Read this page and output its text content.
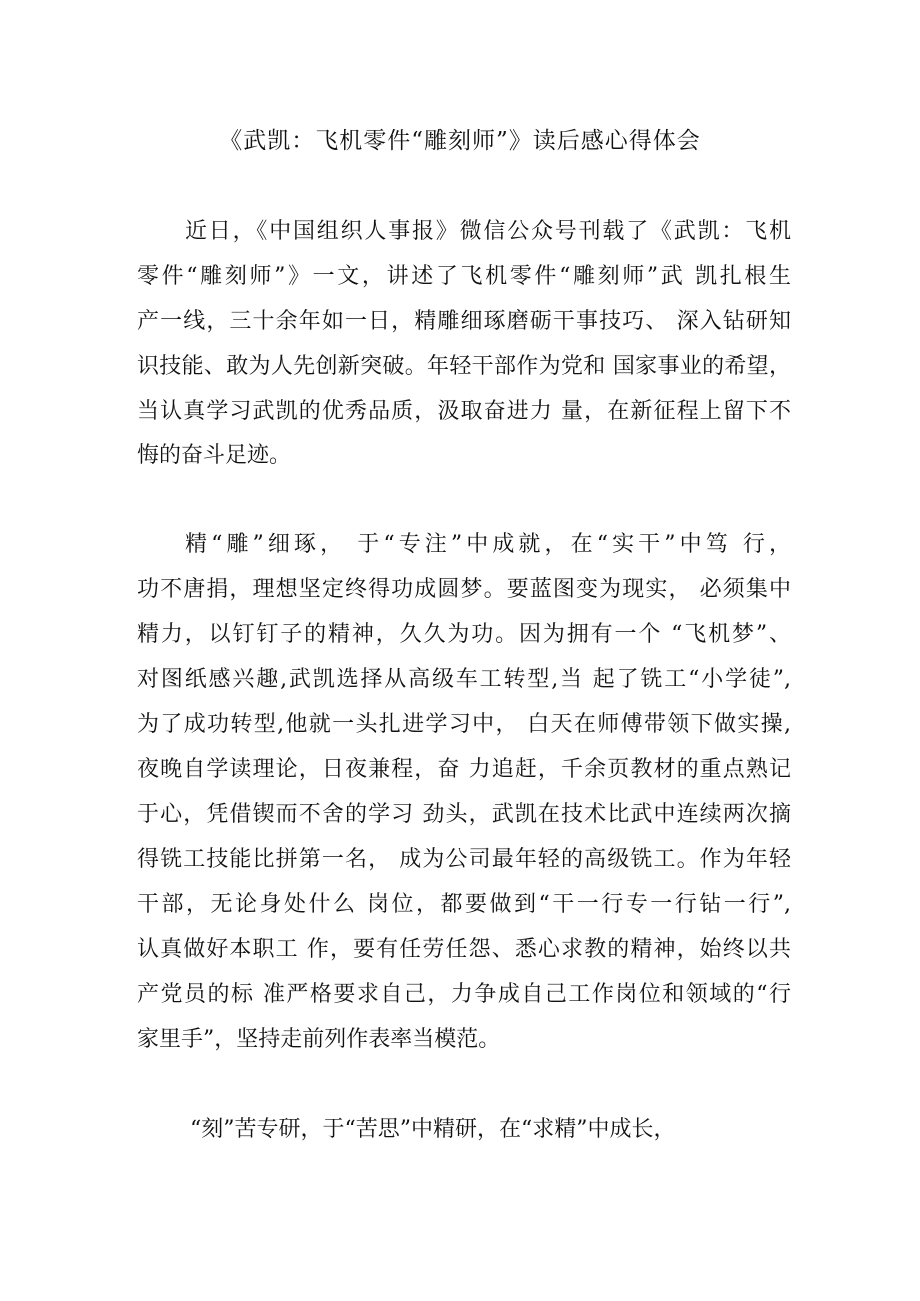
《武凯：飞机零件“雕刻师”》读后感心得体会
近日，《中国组织人事报》微信公众号刊载了《武凯：飞机
零件“雕刻师”》一文，讲述了飞机零件“雕刻师”武 凯扎根生
产一线，三十余年如一日，精雕细琢磨砺干事技巧、 深入钻研知
识技能、敢为人先创新突破。年轻干部作为党和 国家事业的希望，
当认真学习武凯的优秀品质，汲取奋进力 量，在新征程上留下不
悔的奋斗足迹。
精“雕”细琢， 于“专注”中成就，在“实干”中笃 行，
功不唐捐，理想坚定终得功成圆梦。要蓝图变为现实， 必须集中
精力，以钉钉子的精神，久久为功。因为拥有一个 “飞机梦”、
对图纸感兴趣,武凯选择从高级车工转型,当 起了铣工“小学徒”,
为了成功转型,他就一头扎进学习中， 白天在师傅带领下做实操,
夜晚自学读理论，日夜兼程，奋 力追赶，千余页教材的重点熟记
于心，凭借锲而不舍的学习 劲头，武凯在技术比武中连续两次摘
得铣工技能比拼第一名， 成为公司最年轻的高级铣工。作为年轻
干部，无论身处什么 岗位，都要做到“干一行专一行钻一行”,
认真做好本职工 作，要有任劳任怨、悉心求教的精神，始终以共
产党员的标 准严格要求自己，力争成自己工作岗位和领域的“行
家里手”，坚持走前列作表率当模范。
“刻”苦专研，于“苦思”中精研，在“求精”中成长，
